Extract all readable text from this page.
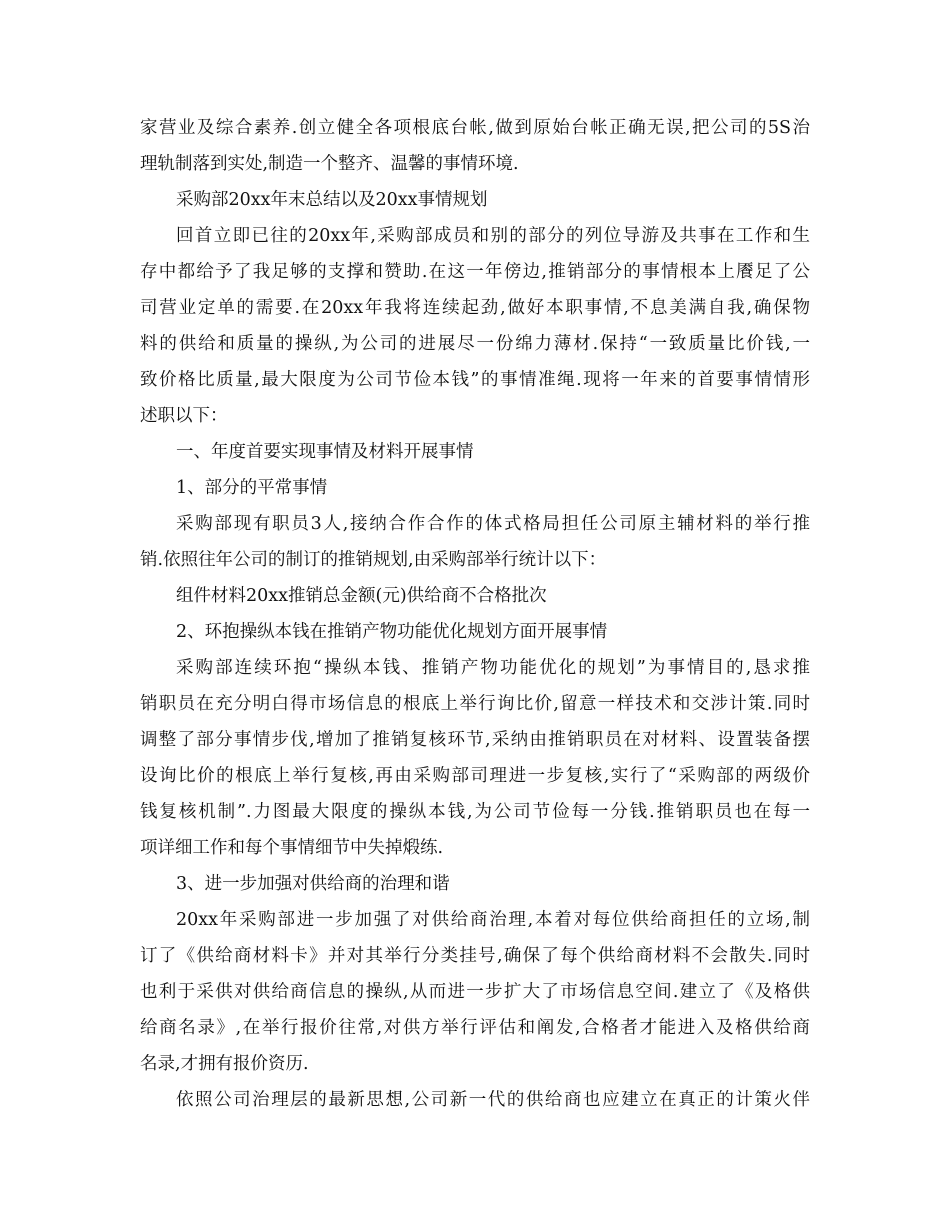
家营业及综合素养.创立健全各项根底台帐,做到原始台帐正确无误,把公司的5S治
理轨制落到实处,制造一个整齐、温馨的事情环境.
采购部20xx年末总结以及20xx事情规划
回首立即已往的20xx年,采购部成员和别的部分的列位导游及共事在工作和生
存中都给予了我足够的支撑和赞助.在这一年傍边,推销部分的事情根本上餍足了公
司营业定单的需要.在20xx年我将连续起劲,做好本职事情,不息美满自我,确保物
料的供给和质量的操纵,为公司的进展尽一份绵力薄材.保持“一致质量比价钱,一
致价格比质量,最大限度为公司节俭本钱”的事情准绳.现将一年来的首要事情情形
述职以下：
一、年度首要实现事情及材料开展事情
1、部分的平常事情
采购部现有职员3人,接纳合作合作的体式格局担任公司原主辅材料的举行推
销.依照往年公司的制订的推销规划,由采购部举行统计以下：
组件材料20xx推销总金额(元)供给商不合格批次
2、环抱操纵本钱在推销产物功能优化规划方面开展事情
采购部连续环抱“操纵本钱、推销产物功能优化的规划”为事情目的,恳求推
销职员在充分明白得市场信息的根底上举行询比价,留意一样技术和交涉计策.同时
调整了部分事情步伐,增加了推销复核环节,采纳由推销职员在对材料、设置装备摆
设询比价的根底上举行复核,再由采购部司理进一步复核,实行了“采购部的两级价
钱复核机制”.力图最大限度的操纵本钱,为公司节俭每一分钱.推销职员也在每一
项详细工作和每个事情细节中失掉煅练.
3、进一步加强对供给商的治理和谐
20xx年采购部进一步加强了对供给商治理,本着对每位供给商担任的立场,制
订了《供给商材料卡》并对其举行分类挂号,确保了每个供给商材料不会散失.同时
也利于采供对供给商信息的操纵,从而进一步扩大了市场信息空间.建立了《及格供
给商名录》,在举行报价往常,对供方举行评估和阐发,合格者才能进入及格供给商
名录,才拥有报价资历.
依照公司治理层的最新思想,公司新一代的供给商也应建立在真正的计策火伴
